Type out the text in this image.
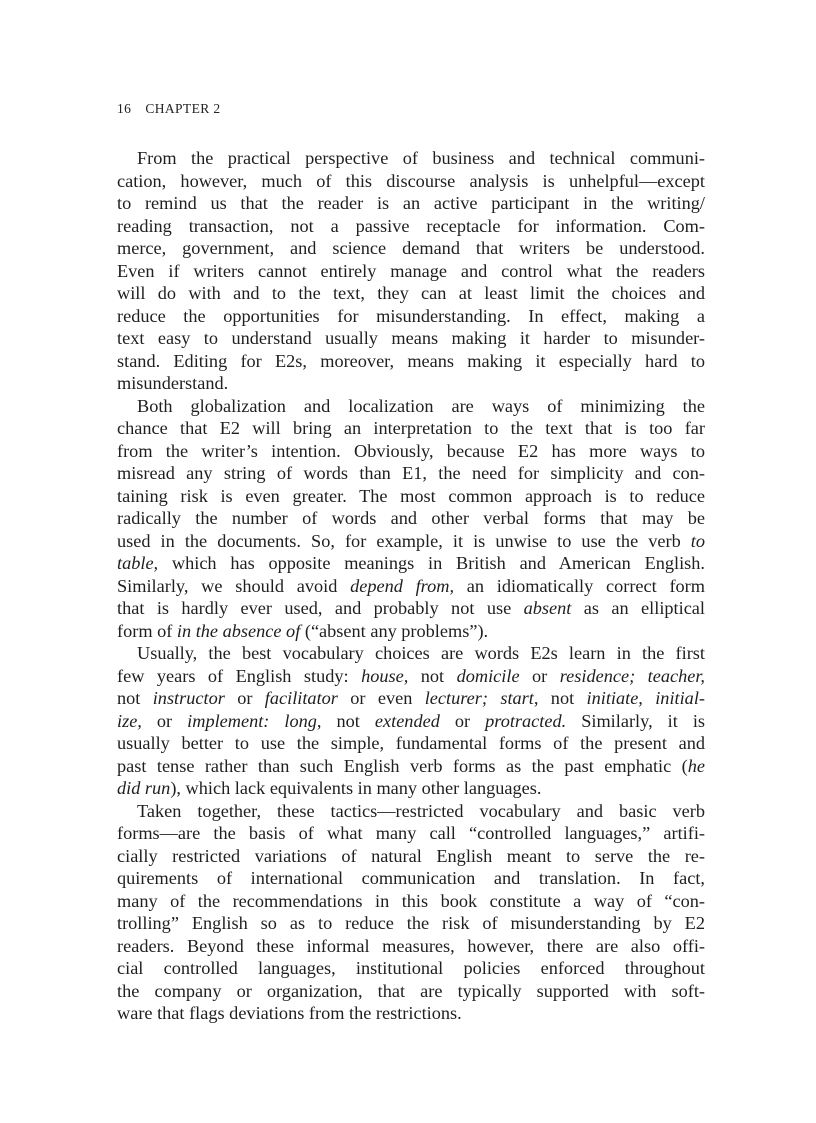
16 CHAPTER 2
From the practical perspective of business and technical communi-
cation, however, much of this discourse analysis is unhelpful—except
to remind us that the reader is an active participant in the writing/
reading transaction, not a passive receptacle for information. Com-
merce, government, and science demand that writers be understood.
Even if writers cannot entirely manage and control what the readers
will do with and to the text, they can at least limit the choices and
reduce the opportunities for misunderstanding. In effect, making a
text easy to understand usually means making it harder to misunder-
stand. Editing for E2s, moreover, means making it especially hard to
misunderstand.
Both globalization and localization are ways of minimizing the
chance that E2 will bring an interpretation to the text that is too far
from the writer’s intention. Obviously, because E2 has more ways to
misread any string of words than E1, the need for simplicity and con-
taining risk is even greater. The most common approach is to reduce
radically the number of words and other verbal forms that may be
used in the documents. So, for example, it is unwise to use the verb to
table, which has opposite meanings in British and American English.
Similarly, we should avoid depend from, an idiomatically correct form
that is hardly ever used, and probably not use absent as an elliptical
form of in the absence of (“absent any problems”).
Usually, the best vocabulary choices are words E2s learn in the first
few years of English study: house, not domicile or residence; teacher,
not instructor or facilitator or even lecturer; start, not initiate, initial-
ize, or implement: long, not extended or protracted. Similarly, it is
usually better to use the simple, fundamental forms of the present and
past tense rather than such English verb forms as the past emphatic (he
did run), which lack equivalents in many other languages.
Taken together, these tactics—restricted vocabulary and basic verb
forms—are the basis of what many call “controlled languages,” artifi-
cially restricted variations of natural English meant to serve the re-
quirements of international communication and translation. In fact,
many of the recommendations in this book constitute a way of “con-
trolling” English so as to reduce the risk of misunderstanding by E2
readers. Beyond these informal measures, however, there are also offi-
cial controlled languages, institutional policies enforced throughout
the company or organization, that are typically supported with soft-
ware that flags deviations from the restrictions.
